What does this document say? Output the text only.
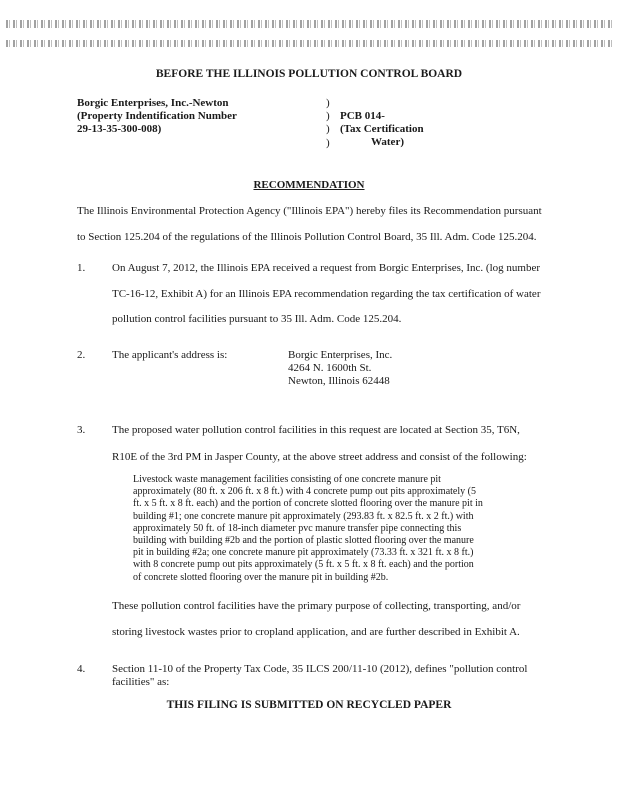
BEFORE THE ILLINOIS POLLUTION CONTROL BOARD
Borgic Enterprises, Inc.-Newton
(Property Indentification Number
29-13-35-300-008)
)
)
)
)
PCB 014-
(Tax Certification
Water)
RECOMMENDATION
The Illinois Environmental Protection Agency ("Illinois EPA") hereby files its Recommendation pursuant
to Section 125.204 of the regulations of the Illinois Pollution Control Board, 35 Ill. Adm. Code 125.204.
1. On August 7, 2012, the Illinois EPA received a request from Borgic Enterprises, Inc. (log number
TC-16-12, Exhibit A) for an Illinois EPA recommendation regarding the tax certification of water
pollution control facilities pursuant to 35 Ill. Adm. Code 125.204.
2. The applicant's address is:	Borgic Enterprises, Inc.
4264 N. 1600th St.
Newton, Illinois 62448
3. The proposed water pollution control facilities in this request are located at Section 35, T6N,
R10E of the 3rd PM in Jasper County, at the above street address and consist of the following:
Livestock waste management facilities consisting of one concrete manure pit
approximately (80 ft. x 206 ft. x 8 ft.) with 4 concrete pump out pits approximately (5
ft. x 5 ft. x 8 ft. each) and the portion of concrete slotted flooring over the manure pit in
building #1; one concrete manure pit approximately (293.83 ft. x 82.5 ft. x 2 ft.) with
approximately 50 ft. of 18-inch diameter pvc manure transfer pipe connecting this
building with building #2b and the portion of plastic slotted flooring over the manure
pit in building #2a; one concrete manure pit approximately (73.33 ft. x 321 ft. x 8 ft.)
with 8 concrete pump out pits approximately (5 ft. x 5 ft. x 8 ft. each) and the portion
of concrete slotted flooring over the manure pit in building #2b.
These pollution control facilities have the primary purpose of collecting, transporting, and/or
storing livestock wastes prior to cropland application, and are further described in Exhibit A.
4. Section 11-10 of the Property Tax Code, 35 ILCS 200/11-10 (2012), defines "pollution control
facilities" as:
THIS FILING IS SUBMITTED ON RECYCLED PAPER
